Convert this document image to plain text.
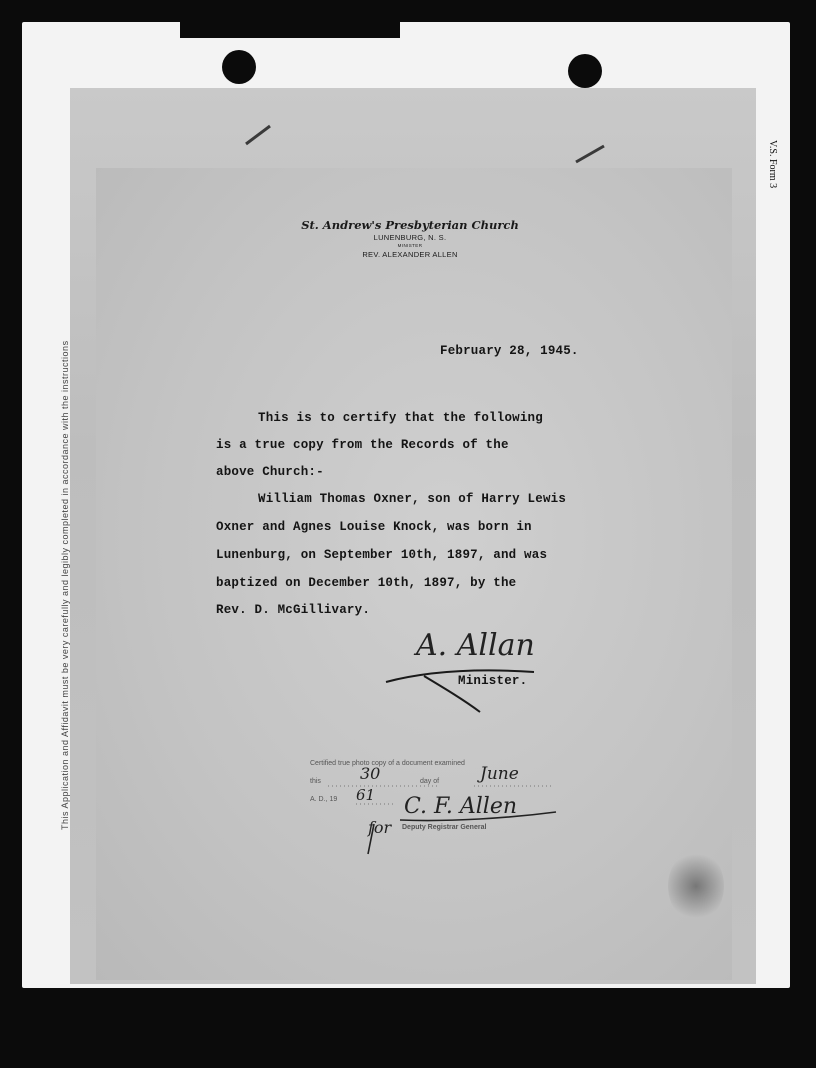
This Application and Affidavit must be very carefully and legibly completed in accordance with the instructions
V.S. Form 3
St. Andrew's Presbyterian Church
LUNENBURG, N. S.
MINISTER
REV. ALEXANDER ALLEN
February 28, 1945.
This is to certify that the following
is a true copy from the Records of the
above Church:-
William Thomas Oxner, son of Harry Lewis
Oxner and Agnes Louise Knock, was born in
Lunenburg, on September 10th, 1897, and was
baptized on December 10th, 1897, by the
Rev. D. McGillivary.
A. Allan
Minister.
Certified true photo copy of a document examined
this 30	day of June
A. D., 19 61 C. F. Allen
for Deputy Registrar General
